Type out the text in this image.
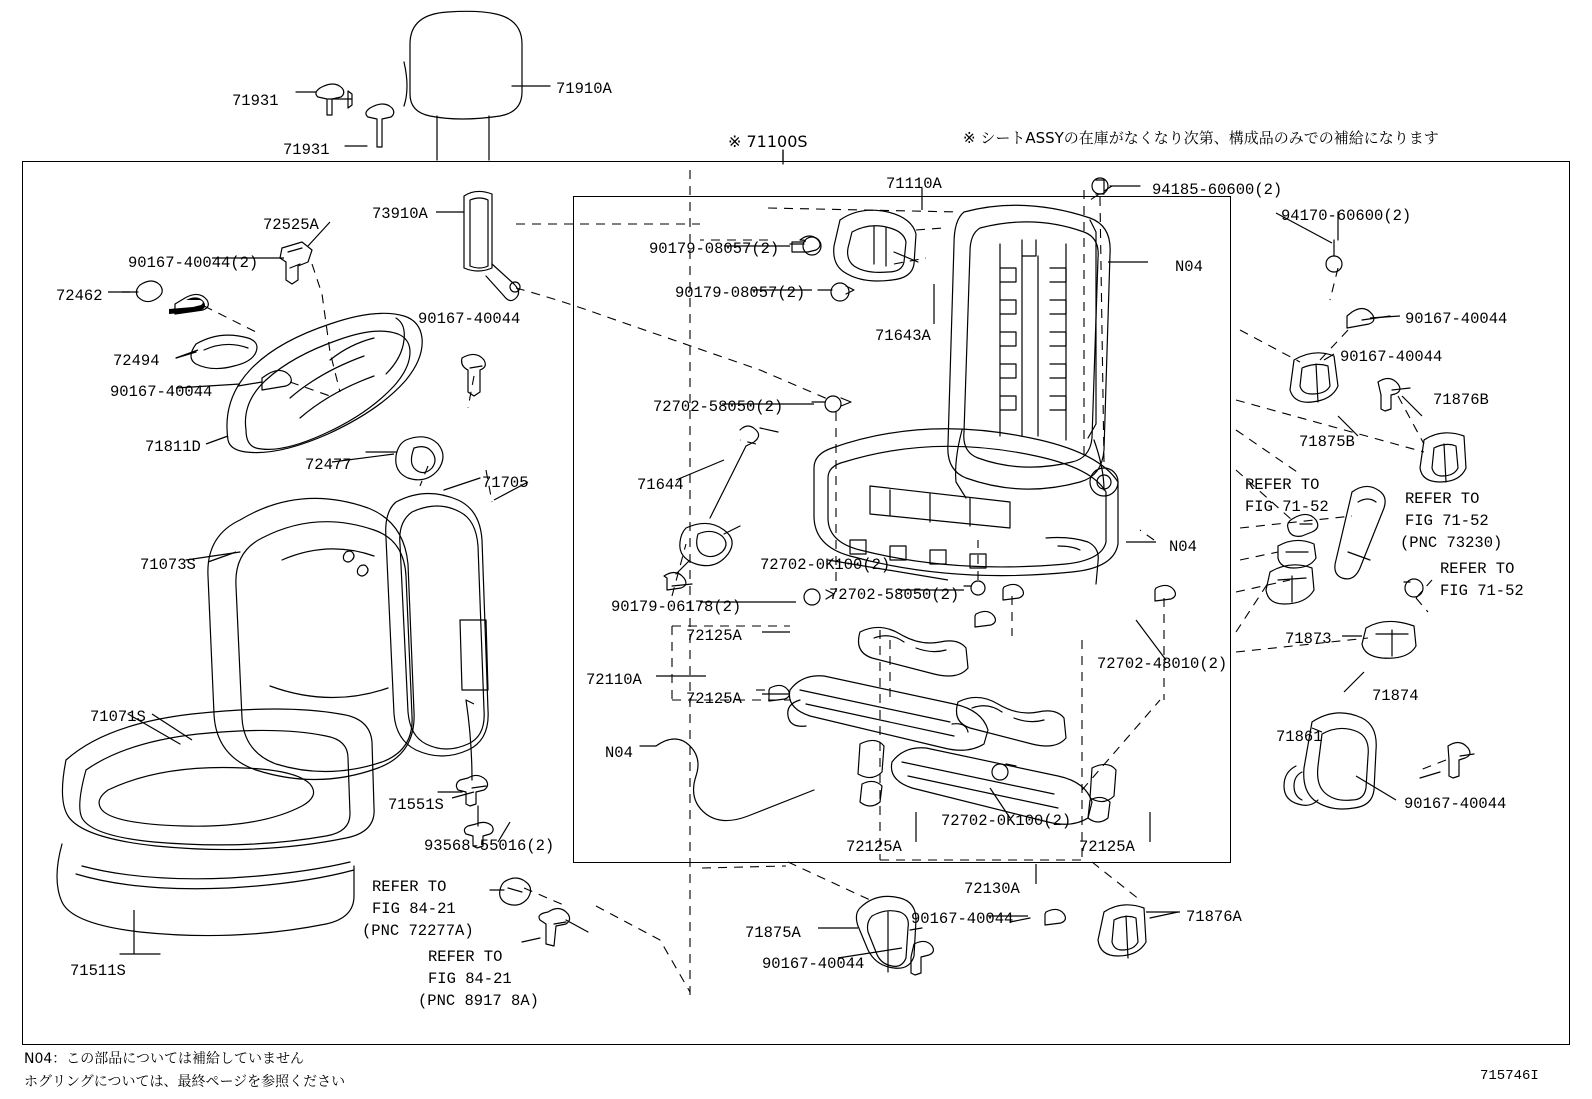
71931
71931
71910A
72525A
73910A
90167-40044(2)
72462
90167-40044
72494
90167-40044
71811D
72477
71705
71073S
71071S
71551S
93568-55016(2)
71511S
REFER TO
FIG 84-21
(PNC 72277A)
REFER TO
FIG 84-21
(PNC 8917 8A)
71110A	94185-60600(2)
94170-60600(2)
90179-08057(2)
90179-08057(2)
N04
90167-40044
90167-40044
71643A
71876B
71875B
72702-58050(2)
71644	REFER TO
FIG 71-52	REFER TO
FIG 71-52
(PNC 73230)
N04
72702-0K100(2)	REFER TO
FIG 71-52
90179-06178(2)
72702-58050(2)
72125A
72702-48010(2)
72110A
72125A
71873
71874
71861
N04
90167-40044
72702-0K100(2)
72125A	72125A
72130A
71875A
90167-40044	71876A
90167-40044
※ 71100S	※ シートASSYの在庫がなくなり次第、構成品のみでの補給になります
N04：この部品については補給していません
ホグリングについては、最終ページを参照ください	715746I
